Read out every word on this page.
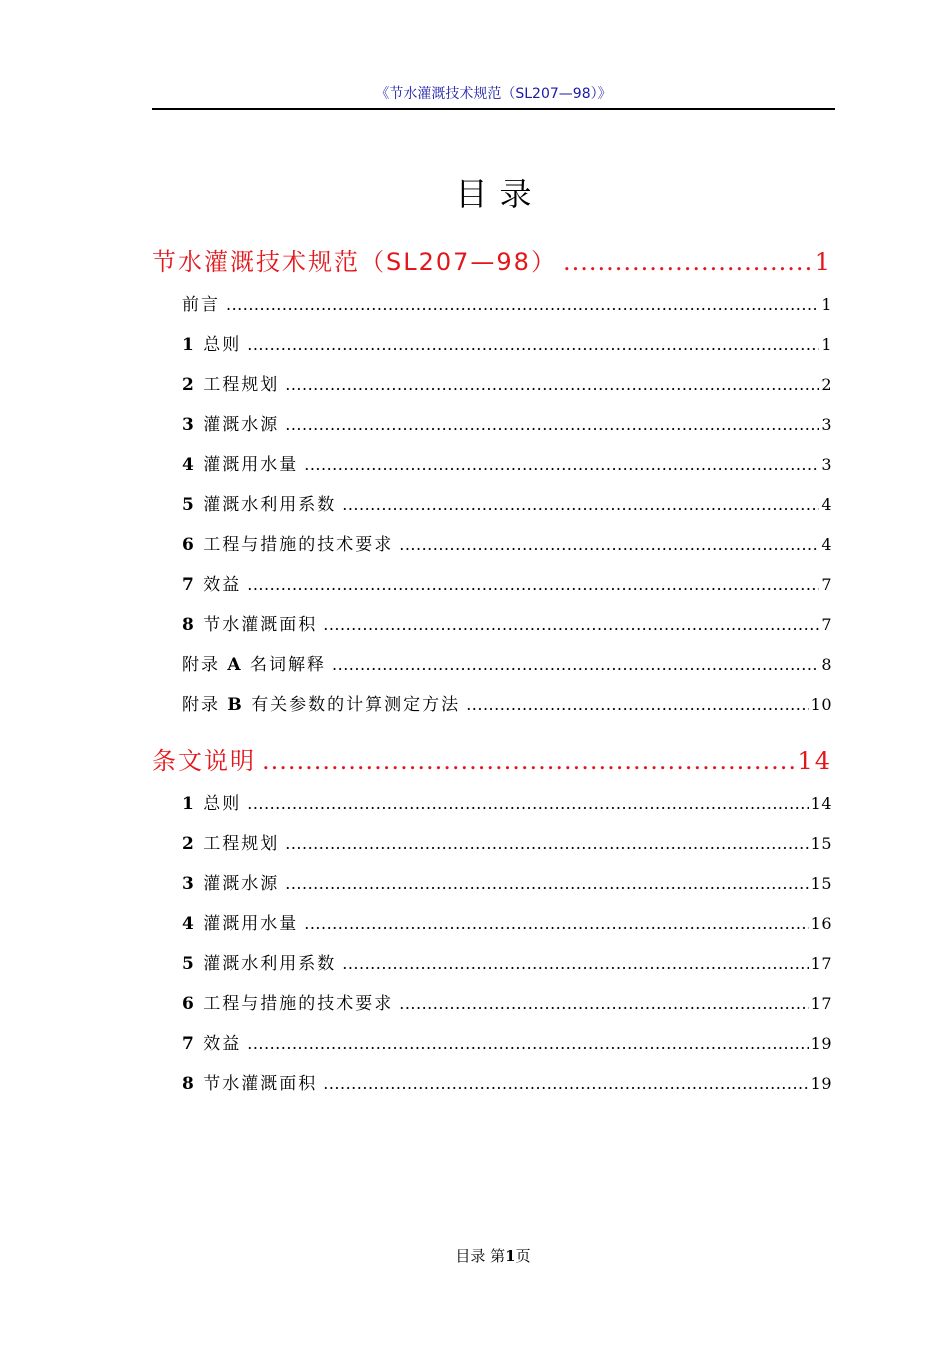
《节水灌溉技术规范（SL207—98）》
目录
节水灌溉技术规范（SL207—98） .....	1
前言 .....	1
1 总则 .....	1
2 工程规划 .....	2
3 灌溉水源 .....	3
4 灌溉用水量 .....	3
5 灌溉水利用系数 .....	4
6 工程与措施的技术要求 .....	4
7 效益 .....	7
8 节水灌溉面积 .....	7
附录 A 名词解释 .....	8
附录 B 有关参数的计算测定方法 .....	10
条文说明 .....	14
1 总则 .....	14
2 工程规划 .....	15
3 灌溉水源 .....	15
4 灌溉用水量 .....	16
5 灌溉水利用系数 .....	17
6 工程与措施的技术要求 .....	17
7 效益 .....	19
8 节水灌溉面积 .....	19
目录 第1页
